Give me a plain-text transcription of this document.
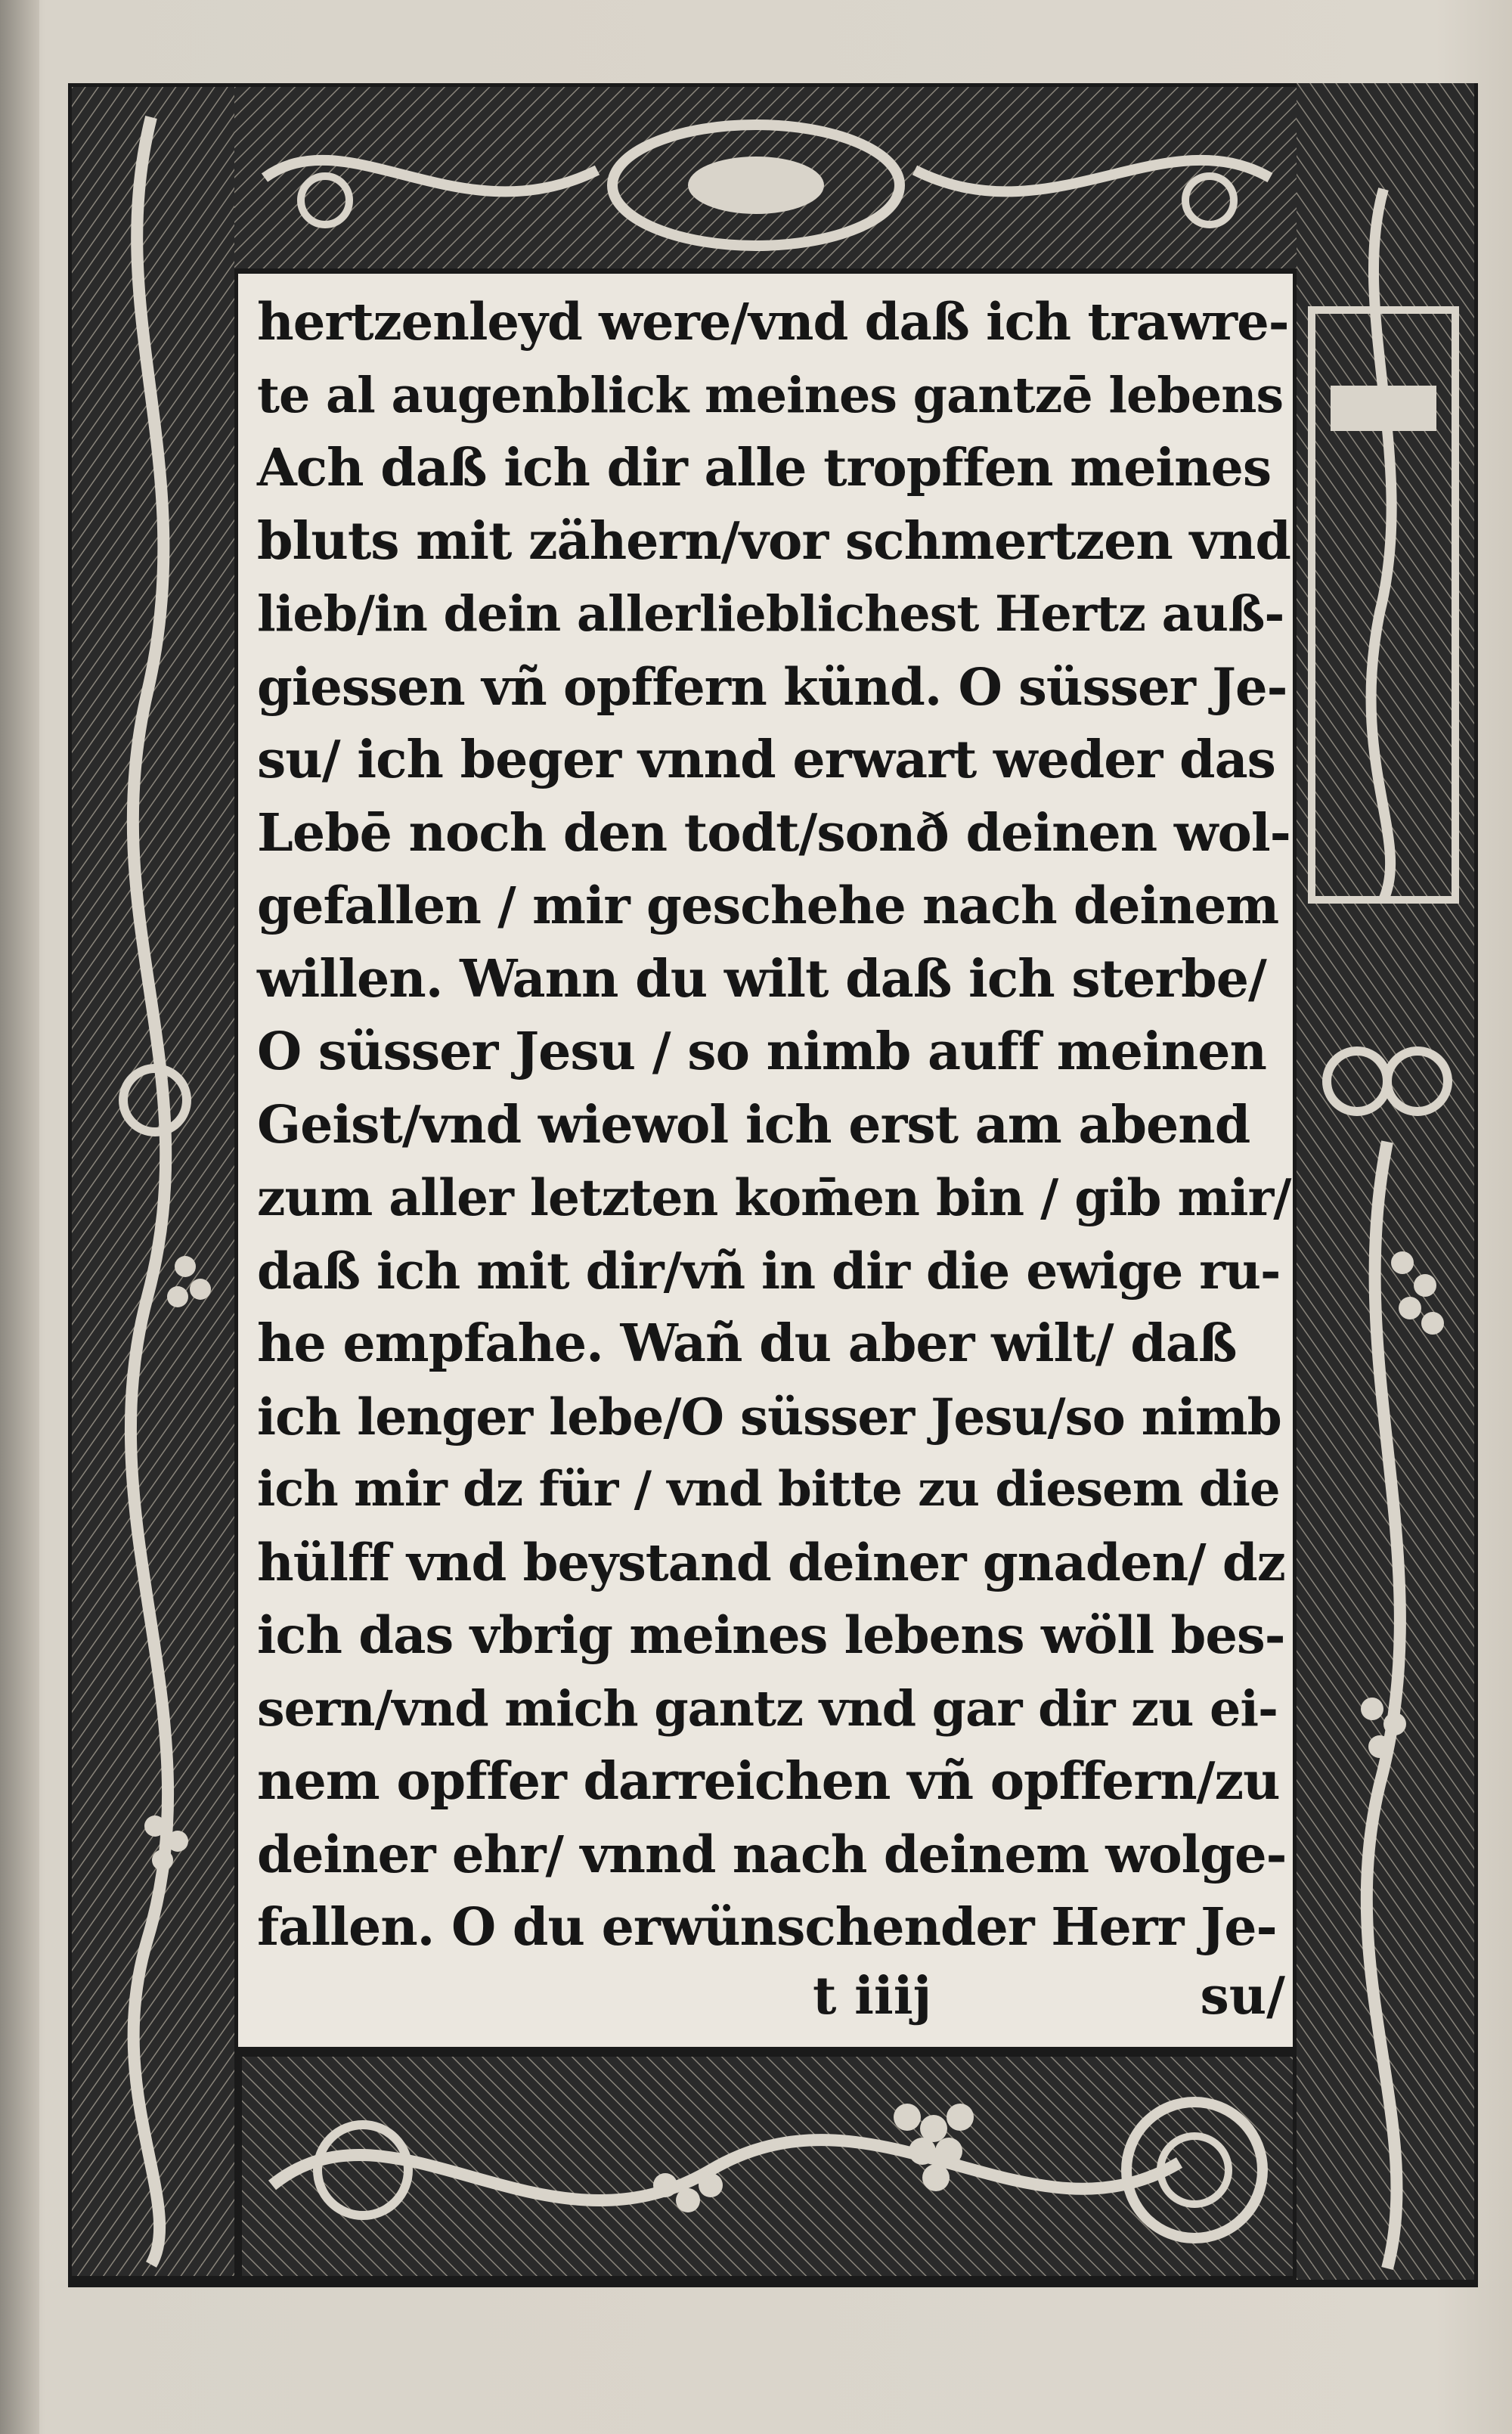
hertzenleyd were/vnd daß ich trawre-
te al augenblick meines gantzē lebens
Ach daß ich dir alle tropffen meines
bluts mit zähern/vor schmertzen vnd
lieb/in dein allerlieblichest Hertz auß-
giessen vñ opffern künd. O süsser Je-
su/ ich beger vnnd erwart weder das
Lebē noch den todt/sonð deinen wol-
gefallen / mir geschehe nach deinem
willen. Wann du wilt daß ich sterbe/
O süsser Jesu / so nimb auff meinen
Geist/vnd wiewol ich erst am abend
zum aller letzten kom̄en bin / gib mir/
daß ich mit dir/vñ in dir die ewige ru-
he empfahe. Wañ du aber wilt/ daß
ich lenger lebe/O süsser Jesu/so nimb
ich mir dz für / vnd bitte zu diesem die
hülff vnd beystand deiner gnaden/ dz
ich das vbrig meines lebens wöll bes-
sern/vnd mich gantz vnd gar dir zu ei-
nem opffer darreichen vñ opffern/zu
deiner ehr/ vnnd nach deinem wolge-
fallen. O du erwünschender Herr Je-
t iiij	su/
